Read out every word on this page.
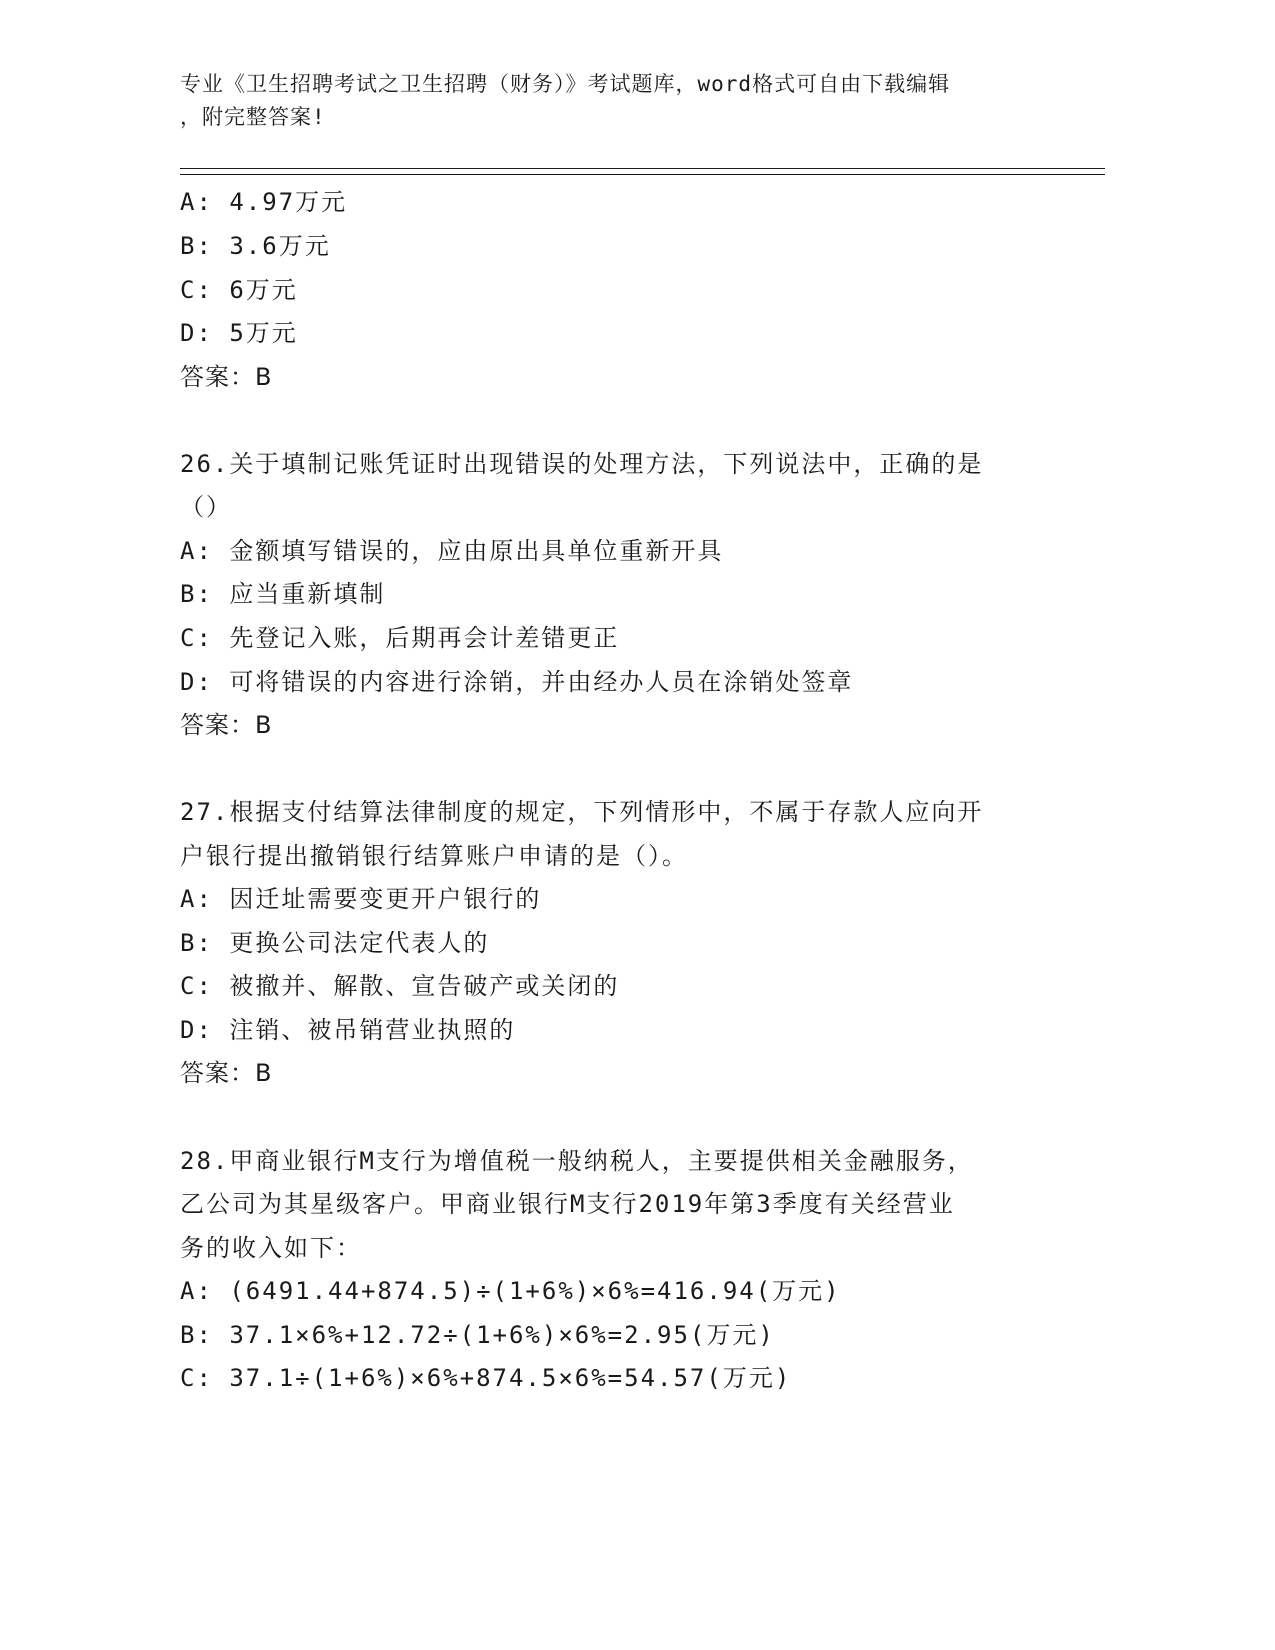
专业《卫生招聘考试之卫生招聘（财务）》考试题库，word格式可自由下载编辑
，附完整答案!
A: 4.97万元
B: 3.6万元
C: 6万元
D: 5万元
答案：B
26.关于填制记账凭证时出现错误的处理方法，下列说法中，正确的是
（）
A: 金额填写错误的，应由原出具单位重新开具
B: 应当重新填制
C: 先登记入账，后期再会计差错更正
D: 可将错误的内容进行涂销，并由经办人员在涂销处签章
答案：B
27.根据支付结算法律制度的规定，下列情形中，不属于存款人应向开
户银行提出撤销银行结算账户申请的是（）。
A: 因迁址需要变更开户银行的
B: 更换公司法定代表人的
C: 被撤并、解散、宣告破产或关闭的
D: 注销、被吊销营业执照的
答案：B
28.甲商业银行M支行为增值税一般纳税人，主要提供相关金融服务，
乙公司为其星级客户。甲商业银行M支行2019年第3季度有关经营业
务的收入如下：
A: (6491.44+874.5)÷(1+6%)×6%=416.94(万元)
B: 37.1×6%+12.72÷(1+6%)×6%=2.95(万元)
C: 37.1÷(1+6%)×6%+874.5×6%=54.57(万元)
